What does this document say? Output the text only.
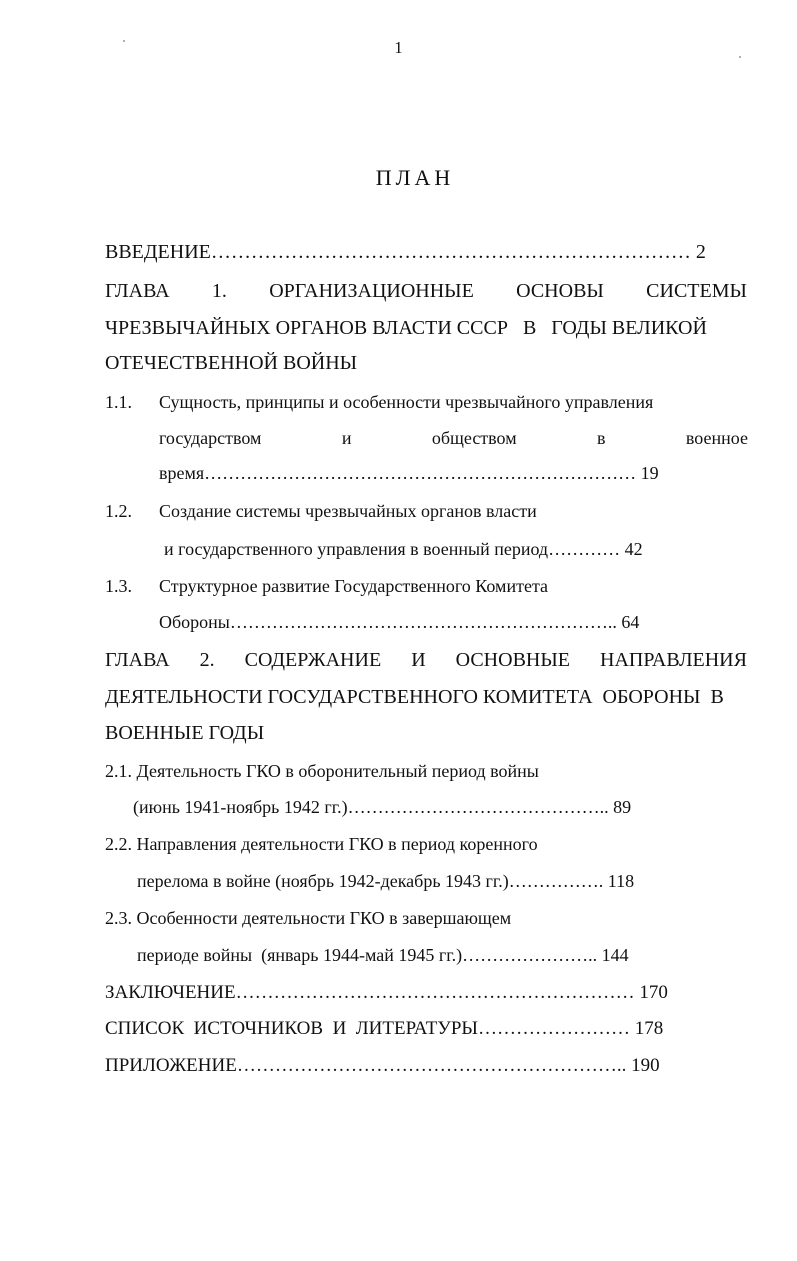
1
ПЛАН
ВВЕДЕНИЕ……………………………………………………………… 2
ГЛАВА 1. ОРГАНИЗАЦИОННЫЕ ОСНОВЫ СИСТЕМЫ
ЧРЕЗВЫЧАЙНЫХ ОРГАНОВ ВЛАСТИ СССР   В   ГОДЫ ВЕЛИКОЙ
ОТЕЧЕСТВЕННОЙ ВОЙНЫ
1.1. Сущность, принципы и особенности чрезвычайного управления
государством	и	обществом	в	военное
время……………………………………………………………… 19
1.2. Создание системы чрезвычайных органов власти
и государственного управления в военный период………… 42
1.3. Структурное развитие Государственного Комитета
Обороны……………………………………………………….. 64
ГЛАВА 2. СОДЕРЖАНИЕ И ОСНОВНЫЕ НАПРАВЛЕНИЯ
ДЕЯТЕЛЬНОСТИ ГОСУДАРСТВЕННОГО КОМИТЕТА  ОБОРОНЫ  В
ВОЕННЫЕ ГОДЫ
2.1. Деятельность ГКО в оборонительный период войны
(июнь 1941-ноябрь 1942 гг.)…………………………………….. 89
2.2. Направления деятельности ГКО в период коренного
перелома в войне (ноябрь 1942-декабрь 1943 гг.)……………. 118
2.3. Особенности деятельности ГКО в завершающем
периоде войны  (январь 1944-май 1945 гг.)………………….. 144
ЗАКЛЮЧЕНИЕ……………………………………………………… 170
СПИСОК  ИСТОЧНИКОВ  И  ЛИТЕРАТУРЫ…………………… 178
ПРИЛОЖЕНИЕ…………………………………………………….. 190
